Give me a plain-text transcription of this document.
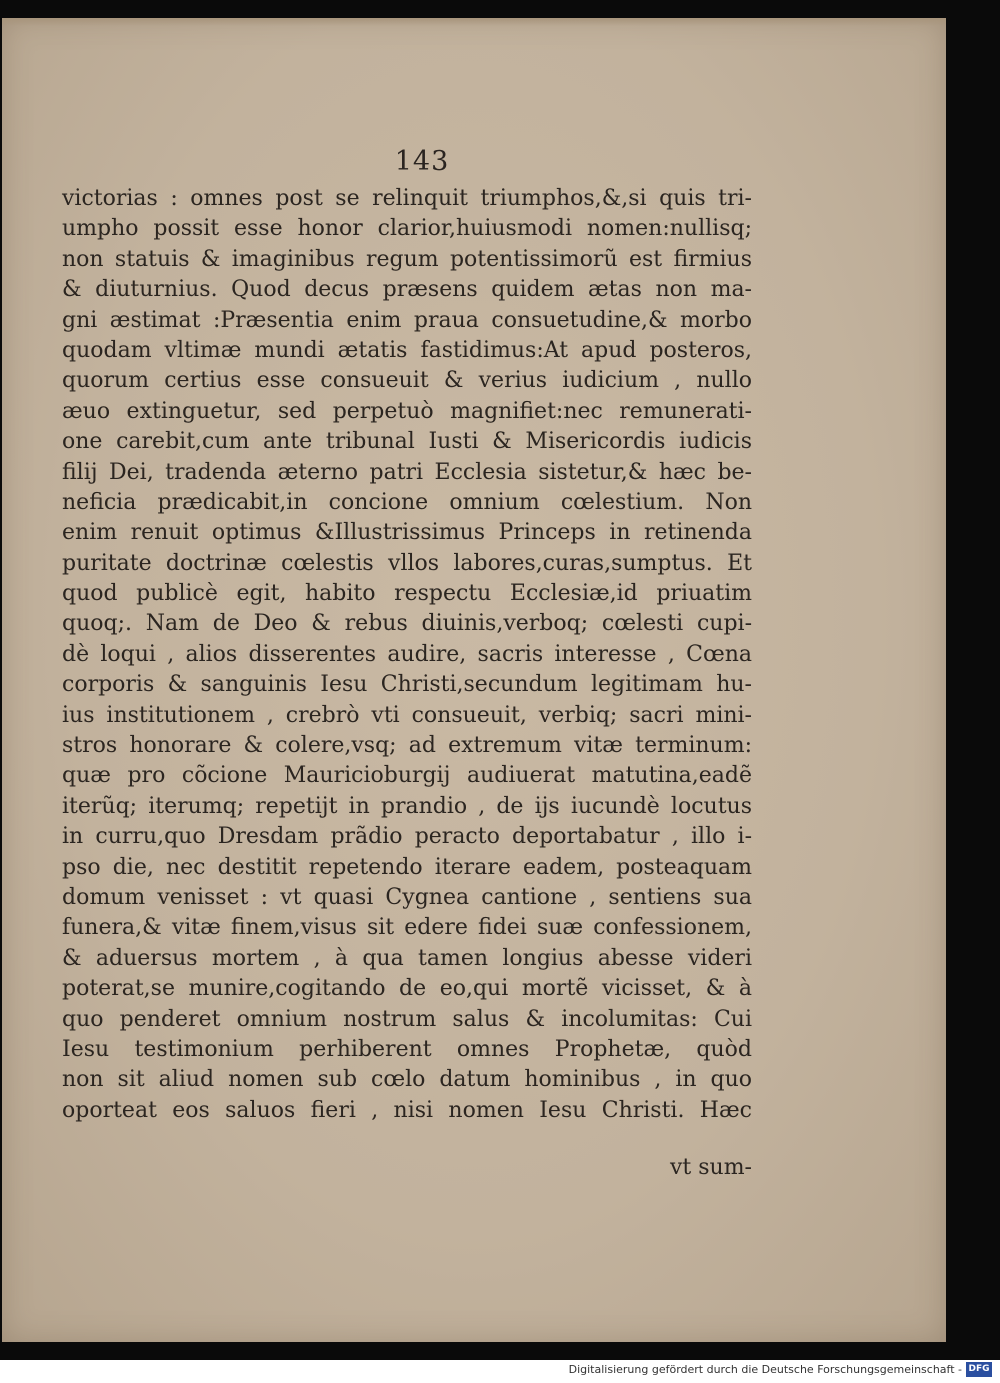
143
victorias : omnes post se relinquit triumphos,&,si quis tri-
umpho possit esse honor clarior,huiusmodi nomen:nullisq;
non statuis & imaginibus regum potentissimorũ est firmius
& diuturnius. Quod decus præsens quidem ætas non ma-
gni æstimat :Præsentia enim praua consuetudine,& morbo
quodam vltimæ mundi ætatis fastidimus:At apud posteros,
quorum certius esse consueuit & verius iudicium , nullo
æuo extinguetur, sed perpetuò magnifiet:nec remunerati-
one carebit,cum ante tribunal Iusti & Misericordis iudicis
filij Dei, tradenda æterno patri Ecclesia sistetur,& hæc be-
neficia prædicabit,in concione omnium cœlestium. Non
enim renuit optimus &Illustrissimus Princeps in retinenda
puritate doctrinæ cœlestis vllos labores,curas,sumptus. Et
quod publicè egit, habito respectu Ecclesiæ,id priuatim
quoq;. Nam de Deo & rebus diuinis,verboq; cœlesti cupi-
dè loqui , alios disserentes audire, sacris interesse , Cœna
corporis & sanguinis Iesu Christi,secundum legitimam hu-
ius institutionem , crebrò vti consueuit, verbiq; sacri mini-
stros honorare & colere,vsq; ad extremum vitæ terminum:
quæ pro cõcione Mauricioburgij audiuerat matutina,eadẽ
iterũq; iterumq; repetijt in prandio , de ijs iucundè locutus
in curru,quo Dresdam prãdio peracto deportabatur , illo i-
pso die, nec destitit repetendo iterare eadem, posteaquam
domum venisset : vt quasi Cygnea cantione , sentiens sua
funera,& vitæ finem,visus sit edere fidei suæ confessionem,
& aduersus mortem , à qua tamen longius abesse videri
poterat,se munire,cogitando de eo,qui mortẽ vicisset, & à
quo penderet omnium nostrum salus & incolumitas: Cui
Iesu testimonium perhiberent omnes Prophetæ, quòd
non sit aliud nomen sub cœlo datum hominibus , in quo
oporteat eos saluos fieri , nisi nomen Iesu Christi. Hæc
vt sum-
Digitalisierung gefördert durch die Deutsche Forschungsgemeinschaft - DFG
